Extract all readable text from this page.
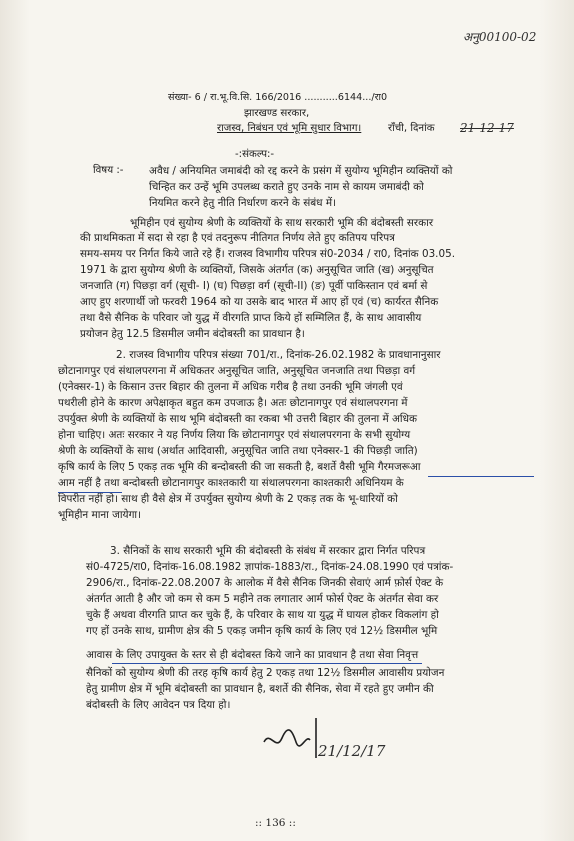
अनु00100-02
संख्या- 6 / रा.भू.वि.सि. 166/2016 ...........6144.../रा0
झारखण्ड सरकार,
राजस्व, निबंधन एवं भूमि सुधार विभाग।	राँची, दिनांक 21-12-17
-:संकल्प:-
विषय :- अवैध / अनियमित जमाबंदी को रद्द करने के प्रसंग में सुयोग्य भूमिहीन व्यक्तियों को
चिन्हित कर उन्हें भूमि उपलब्ध कराते हुए उनके नाम से कायम जमाबंदी को
नियमित करने हेतु नीति निर्धारण करने के संबंध में।
भूमिहीन एवं सुयोग्य श्रेणी के व्यक्तियों के साथ सरकारी भूमि की बंदोबस्ती सरकार
की प्राथमिकता में सदा से रहा है एवं तदनुरूप नीतिगत निर्णय लेते हुए कतिपय परिपत्र
समय-समय पर निर्गत किये जाते रहे हैं। राजस्व विभागीय परिपत्र सं0-2034 / रा0, दिनांक 03.05.
1971 के द्वारा सुयोग्य श्रेणी के व्यक्तियों, जिसके अंतर्गत (क) अनुसूचित जाति (ख) अनुसूचित
जनजाति (ग) पिछड़ा वर्ग (सूची- I) (घ) पिछड़ा वर्ग (सूची-II) (ङ) पूर्वी पाकिस्तान एवं बर्मा से
आए हुए शरणार्थी जो फरवरी 1964 को या उसके बाद भारत में आए हों एवं (च) कार्यरत सैनिक
तथा वैसे सैनिक के परिवार जो युद्ध में वीरगति प्राप्त किये हों सम्मिलित हैं, के साथ आवासीय
प्रयोजन हेतु 12.5 डिसमील जमीन बंदोबस्ती का प्रावधान है।
2. राजस्व विभागीय परिपत्र संख्या 701/रा., दिनांक-26.02.1982 के प्रावधानानुसार
छोटानागपुर एवं संथालपरगना में अधिकतर अनुसूचित जाति, अनुसूचित जनजाति तथा पिछड़ा वर्ग
(एनेक्सर-1) के किसान उत्तर बिहार की तुलना में अधिक गरीब है तथा उनकी भूमि जंगली एवं
पथरीली होने के कारण अपेक्षाकृत बहुत कम उपजाऊ है। अतः छोटानागपुर एवं संथालपरगना में
उपर्युक्त श्रेणी के व्यक्तियों के साथ भूमि बंदोबस्ती का रकबा भी उत्तरी बिहार की तुलना में अधिक
होना चाहिए। अतः सरकार ने यह निर्णय लिया कि छोटानागपुर एवं संथालपरगना के सभी सुयोग्य
श्रेणी के व्यक्तियों के साथ (अर्थात आदिवासी, अनुसूचित जाति तथा एनेक्सर-1 की पिछड़ी जाति)
कृषि कार्य के लिए 5 एकड़ तक भूमि की बन्दोबस्ती की जा सकती है, बशर्ते वैसी भूमि गैरमजरूआ
आम नहीं है तथा बन्दोबस्ती छोटानागपुर काश्तकारी या संथालपरगना काश्तकारी अधिनियम के
विपरीत नहीं हो। साथ ही वैसे क्षेत्र में उपर्युक्त सुयोग्य श्रेणी के 2 एकड़ तक के भू-धारियों को
भूमिहीन माना जायेगा।
3. सैनिकों के साथ सरकारी भूमि की बंदोबस्ती के संबंध में सरकार द्वारा निर्गत परिपत्र
सं0-4725/रा0, दिनांक-16.08.1982 ज्ञापांक-1883/रा., दिनांक-24.08.1990 एवं पत्रांक-
2906/रा., दिनांक-22.08.2007 के आलोक में वैसे सैनिक जिनकी सेवाएं आर्म फ़ोर्स ऐक्ट के
अंतर्गत आती है और जो कम से कम 5 महीने तक लगातार आर्म फोर्स ऐक्ट के अंतर्गत सेवा कर
चुके हैं अथवा वीरगति प्राप्त कर चुके हैं, के परिवार के साथ या युद्ध में घायल होकर विकलांग हो
गए हों उनके साथ, ग्रामीण क्षेत्र की 5 एकड़ जमीन कृषि कार्य के लिए एवं 12½ डिसमील भूमि
आवास के लिए उपायुक्त के स्तर से ही बंदोबस्त किये जाने का प्रावधान है तथा सेवा निवृत्त
सैनिकों को सुयोग्य श्रेणी की तरह कृषि कार्य हेतु 2 एकड़ तथा 12½ डिसमील आवासीय प्रयोजन
हेतु ग्रामीण क्षेत्र में भूमि बंदोबस्ती का प्रावधान है, बशर्ते की सैनिक, सेवा में रहते हुए जमीन की
बंदोबस्ती के लिए आवेदन पत्र दिया हो।
21/12/17
:: 136 ::
